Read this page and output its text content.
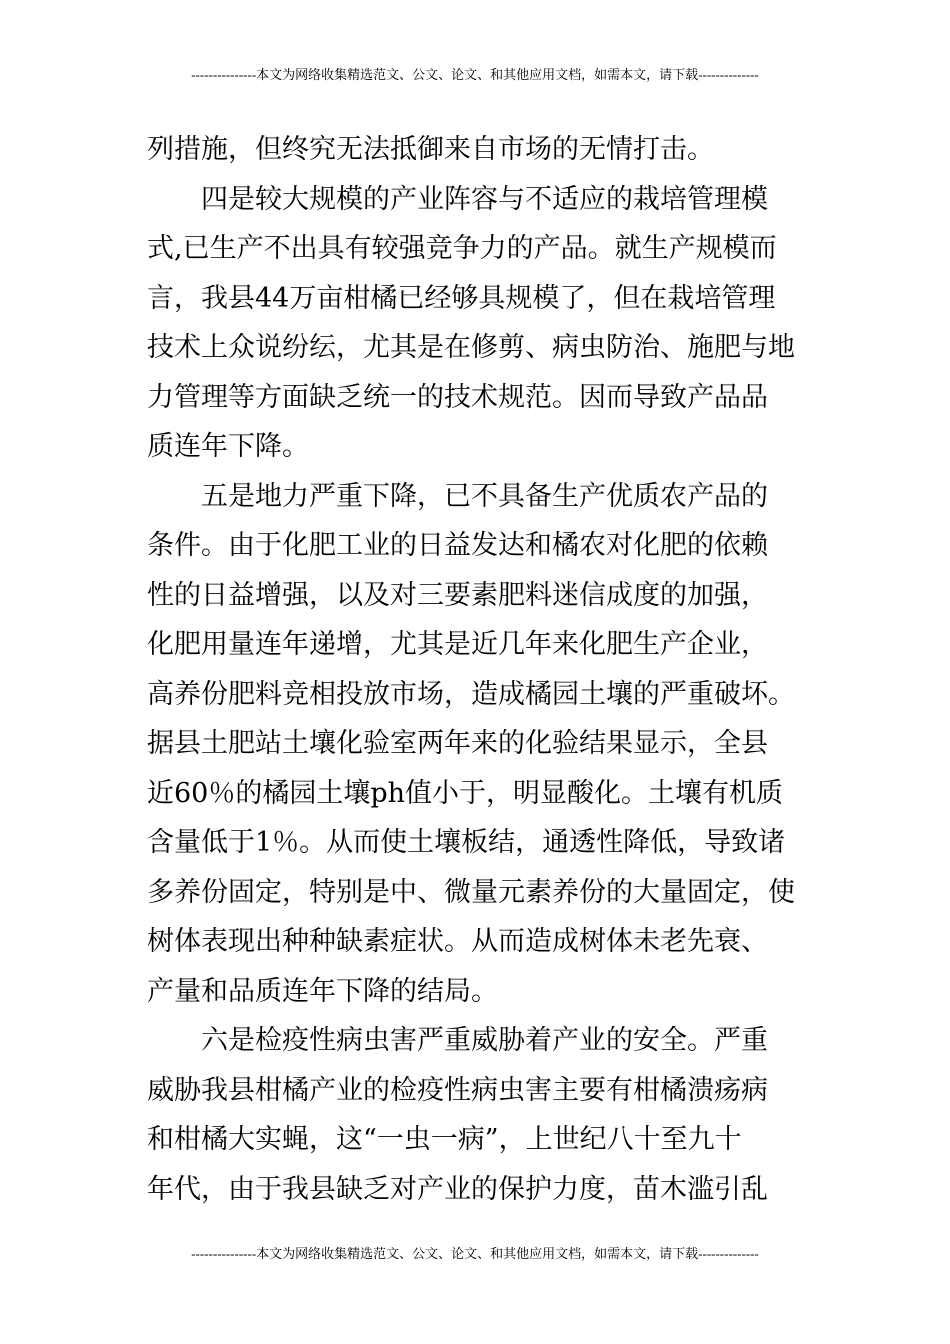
---------------本文为网络收集精选范文、公文、论文、和其他应用文档，如需本文，请下载--------------

列措施，但终究无法抵御来自市场的无情打击。

　　四是较大规模的产业阵容与不适应的栽培管理模

式,已生产不出具有较强竞争力的产品。就生产规模而

言，我县44万亩柑橘已经够具规模了，但在栽培管理

技术上众说纷纭，尤其是在修剪、病虫防治、施肥与地

力管理等方面缺乏统一的技术规范。因而导致产品品

质连年下降。

　　五是地力严重下降，已不具备生产优质农产品的

条件。由于化肥工业的日益发达和橘农对化肥的依赖

性的日益增强，以及对三要素肥料迷信成度的加强，

化肥用量连年递增，尤其是近几年来化肥生产企业，

高养份肥料竞相投放市场，造成橘园土壤的严重破坏。

据县土肥站土壤化验室两年来的化验结果显示，全县

近60％的橘园土壤ph值小于，明显酸化。土壤有机质

含量低于1％。从而使土壤板结，通透性降低，导致诸

多养份固定，特别是中、微量元素养份的大量固定，使

树体表现出种种缺素症状。从而造成树体未老先衰、

产量和品质连年下降的结局。

　　六是检疫性病虫害严重威胁着产业的安全。严重

威胁我县柑橘产业的检疫性病虫害主要有柑橘溃疡病

和柑橘大实蝇，这“一虫一病”，上世纪八十至九十

年代，由于我县缺乏对产业的保护力度，苗木滥引乱

---------------本文为网络收集精选范文、公文、论文、和其他应用文档，如需本文，请下载--------------
